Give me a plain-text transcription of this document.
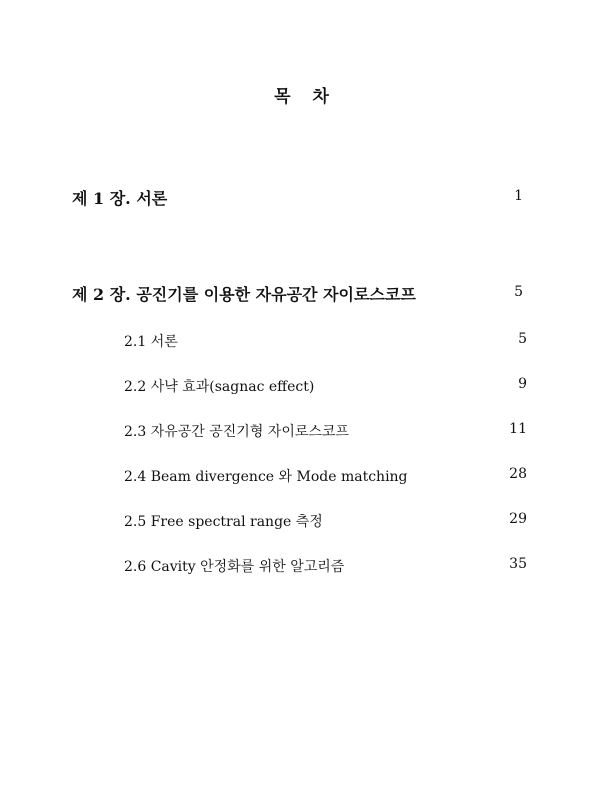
목 차
제 1 장. 서론	1
제 2 장. 공진기를 이용한 자유공간 자이로스코프	5
2.1 서론	5
2.2 사냑 효과(sagnac effect)	9
2.3 자유공간 공진기형 자이로스코프	11
2.4 Beam divergence 와 Mode matching	28
2.5 Free spectral range 측정	29
2.6 Cavity 안정화를 위한 알고리즘	35
